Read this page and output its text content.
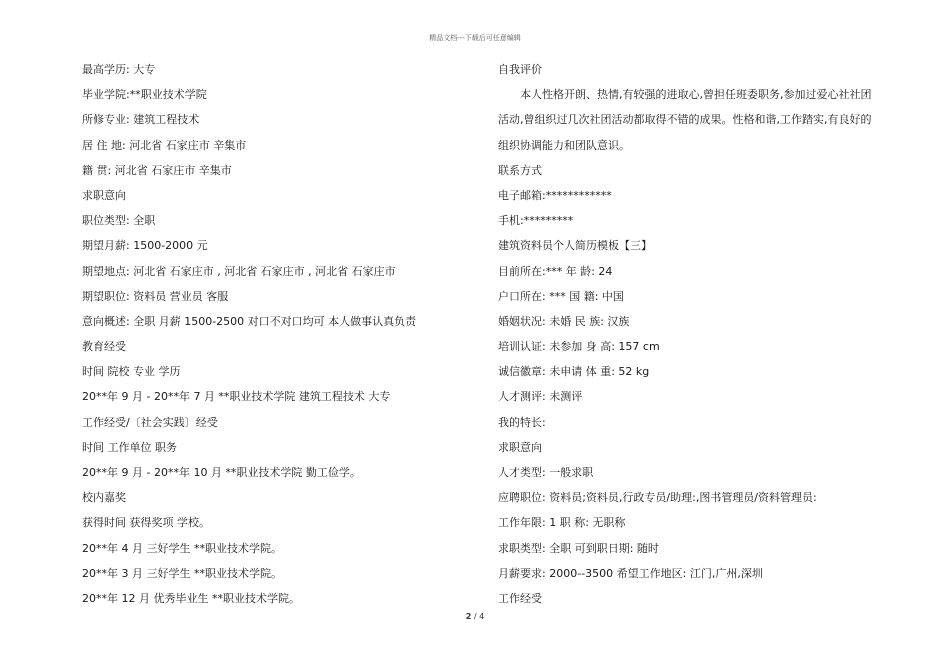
精品文档---下载后可任意编辑
最高学历: 大专
毕业学院:**职业技术学院
所修专业: 建筑工程技术
居 住 地: 河北省 石家庄市 辛集市
籍 贯: 河北省 石家庄市 辛集市
求职意向
职位类型: 全职
期望月薪: 1500-2000 元
期望地点: 河北省 石家庄市 , 河北省 石家庄市 , 河北省 石家庄市
期望职位: 资料员 营业员 客服
意向概述: 全职 月薪 1500-2500 对口不对口均可 本人做事认真负责
教育经受
时间 院校 专业 学历
20**年 9 月 - 20**年 7 月 **职业技术学院 建筑工程技术 大专
工作经受/〔社会实践〕经受
时间 工作单位 职务
20**年 9 月 - 20**年 10 月 **职业技术学院 勤工俭学。
校内嘉奖
获得时间 获得奖项 学校。
20**年 4 月 三好学生 **职业技术学院。
20**年 3 月 三好学生 **职业技术学院。
20**年 12 月 优秀毕业生 **职业技术学院。
自我评价
本人性格开朗、热情,有较强的进取心,曾担任班委职务,参加过爱心社社团活动,曾组织过几次社团活动都取得不错的成果。性格和谐,工作踏实,有良好的组织协调能力和团队意识。
联系方式
电子邮箱:************
手机:*********
建筑资料员个人简历模板【三】
目前所在:*** 年 龄: 24
户口所在: *** 国 籍: 中国
婚姻状况: 未婚 民 族: 汉族
培训认证: 未参加 身 高: 157 cm
诚信徽章: 未申请 体 重: 52 kg
人才测评: 未测评
我的特长:
求职意向
人才类型: 一般求职
应聘职位: 资料员;资料员,行政专员/助理:,图书管理员/资料管理员:
工作年限: 1 职 称: 无职称
求职类型: 全职 可到职日期: 随时
月薪要求: 2000--3500 希望工作地区: 江门,广州,深圳
工作经受
2 / 4
